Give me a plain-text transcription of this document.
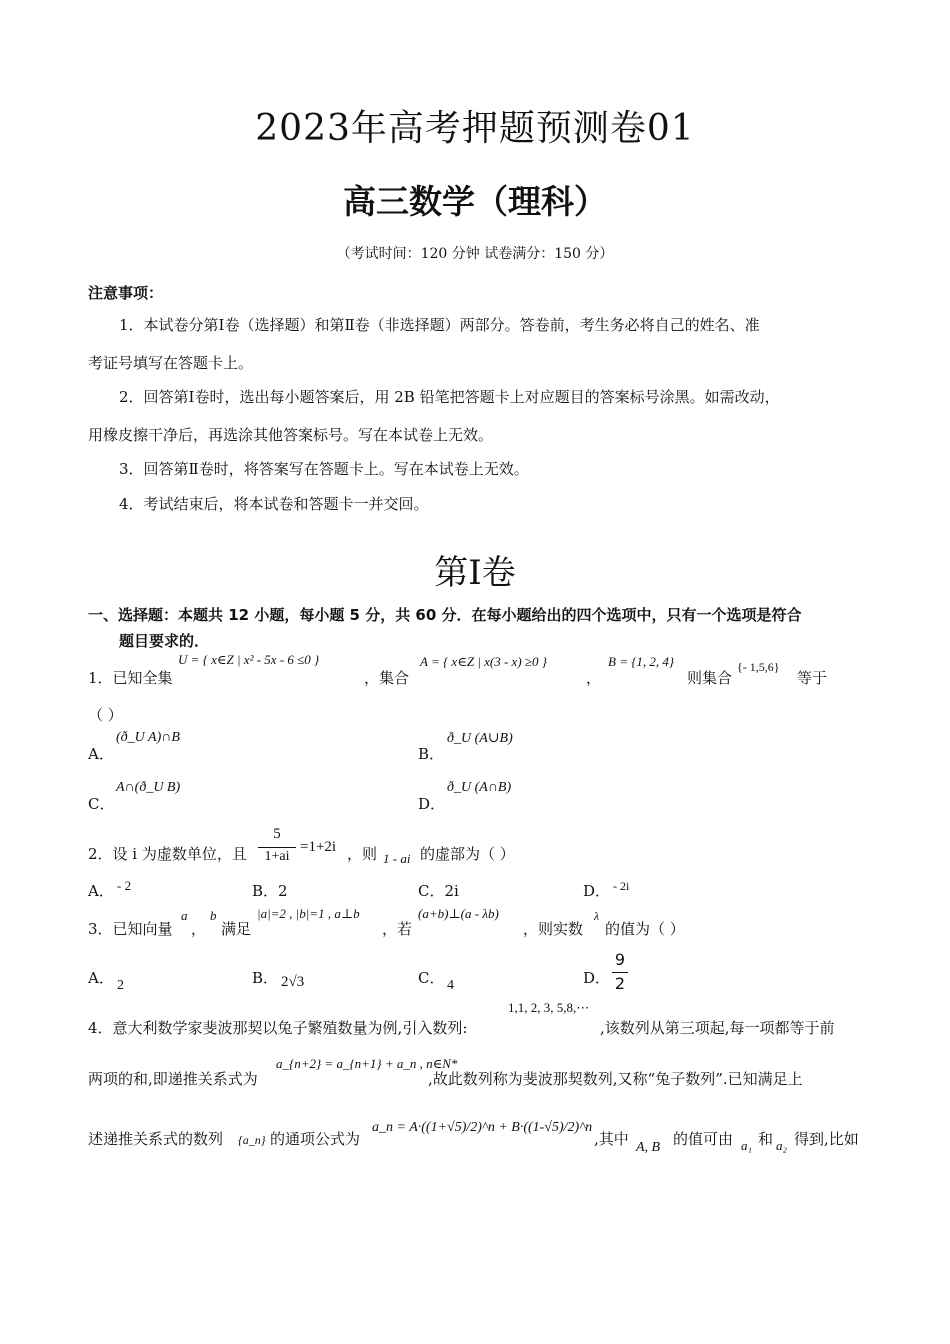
2023年高考押题预测卷01
高三数学（理科）
（考试时间：120 分钟 试卷满分：150 分）
注意事项：
1．本试卷分第Ⅰ卷（选择题）和第Ⅱ卷（非选择题）两部分。答卷前，考生务必将自己的姓名、准
考证号填写在答题卡上。
2．回答第Ⅰ卷时，选出每小题答案后，用 2B 铅笔把答题卡上对应题目的答案标号涂黑。如需改动，
用橡皮擦干净后，再选涂其他答案标号。写在本试卷上无效。
3．回答第Ⅱ卷时，将答案写在答题卡上。写在本试卷上无效。
4．考试结束后，将本试卷和答题卡一并交回。
第Ⅰ卷
一、选择题：本题共 12 小题，每小题 5 分，共 60 分．在每小题给出的四个选项中，只有一个选项是符合
题目要求的．
1．已知全集
U = { x∈Z | x² - 5x - 6 ≤0 }
，集合
A = { x∈Z | x(3 - x) ≥0 }
，
B = {1, 2, 4}
则集合
{- 1,5,6}
等于
（ ）
A．
(ð_U A)∩B
B．
ð_U (A∪B)
C．
A∩(ð_U B)
D．
ð_U (A∩B)
2．设 i 为虚数单位，且
5
1+ai
=1+2i ，则 1 - ai 的虚部为（ ）
A． - 2	B．2	C．2i	D． - 2i
3．已知向量
a
，
b
满足
|a|=2 , |b|=1 , a⊥b
，若
(a+b)⊥(a - λb)
，则实数
λ
的值为（ ）
A． 2	B． 2√3	C． 4	D．
9
2
1,1, 2, 3, 5,8,⋯
4．意大利数学家斐波那契以兔子繁殖数量为例,引入数列:	,该数列从第三项起,每一项都等于前
两项的和,即递推关系式为
a_{n+2} = a_{n+1} + a_n , n∈N*
,故此数列称为斐波那契数列,又称“兔子数列”.已知满足上
述递推关系式的数列 {a_n} 的通项公式为
a_n = A·((1+√5)/2)^n + B·((1-√5)/2)^n
,其中 A, B 的值可由 a₁ 和 a₂ 得到,比如
